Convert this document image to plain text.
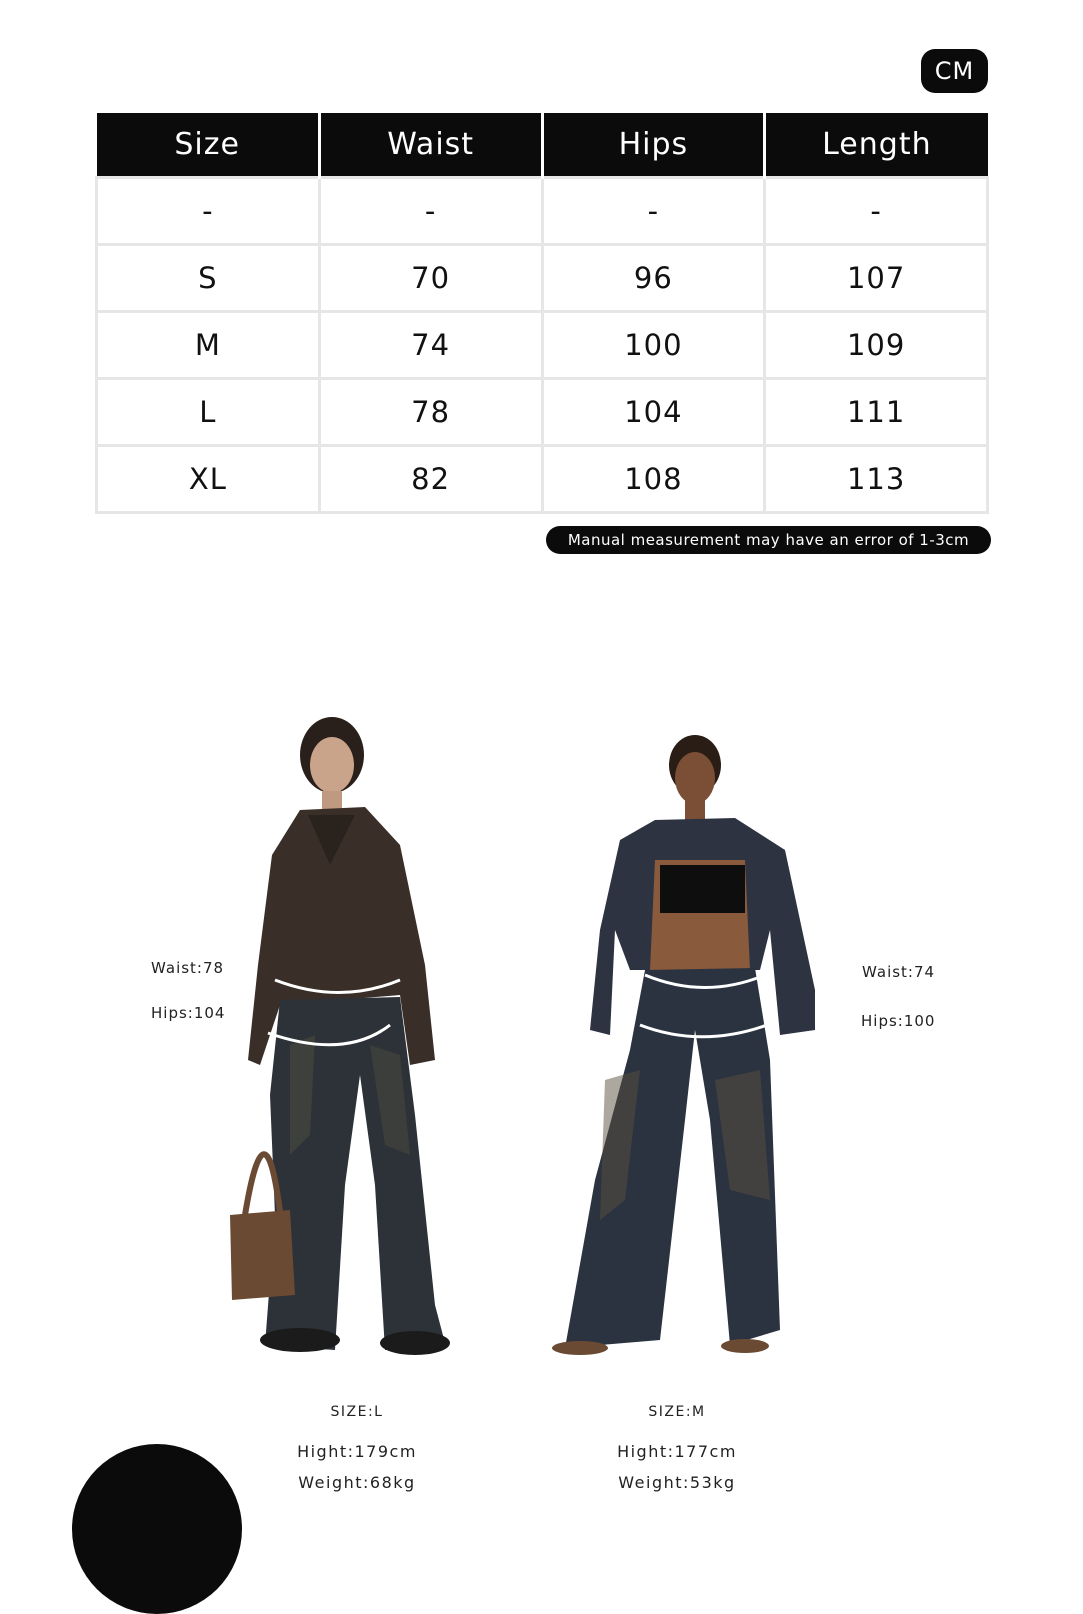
CM
Size	Waist	Hips	Length
-	-	-	-
S	70	96	107
M	74	100	109
L	78	104	111
XL	82	108	113
Manual measurement may have an error of 1-3cm
Waist:78
Hips:104
Waist:74
Hips:100
SIZE:L
Hight:179cm
Weight:68kg
SIZE:M
Hight:177cm
Weight:53kg
